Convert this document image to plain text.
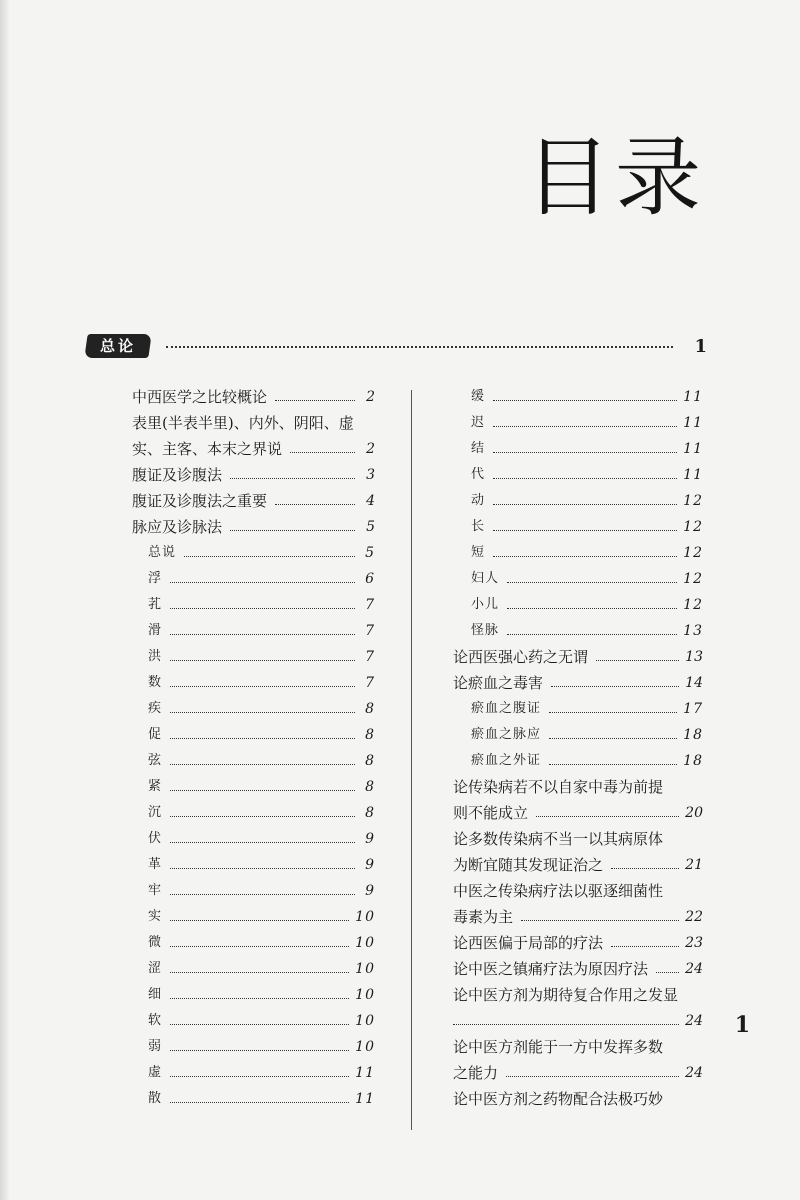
目录
总论	1
中西医学之比较概论	2
表里(半表半里)、内外、阴阳、虚
实、主客、本末之界说	2
腹证及诊腹法	3
腹证及诊腹法之重要	4
脉应及诊脉法	5
总说	5
浮	6
芤	7
滑	7
洪	7
数	7
疾	8
促	8
弦	8
紧	8
沉	8
伏	9
革	9
牢	9
实	10
微	10
涩	10
细	10
软	10
弱	10
虚	11
散	11
缓	11
迟	11
结	11
代	11
动	12
长	12
短	12
妇人	12
小儿	12
怪脉	13
论西医强心药之无谓	13
论瘀血之毒害	14
瘀血之腹证	17
瘀血之脉应	18
瘀血之外证	18
论传染病若不以自家中毒为前提
则不能成立	20
论多数传染病不当一以其病原体
为断宜随其发现证治之	21
中医之传染病疗法以驱逐细菌性
毒素为主	22
论西医偏于局部的疗法	23
论中医之镇痛疗法为原因疗法	24
论中医方剂为期待复合作用之发显
24
论中医方剂能于一方中发挥多数
之能力	24
论中医方剂之药物配合法极巧妙
1
